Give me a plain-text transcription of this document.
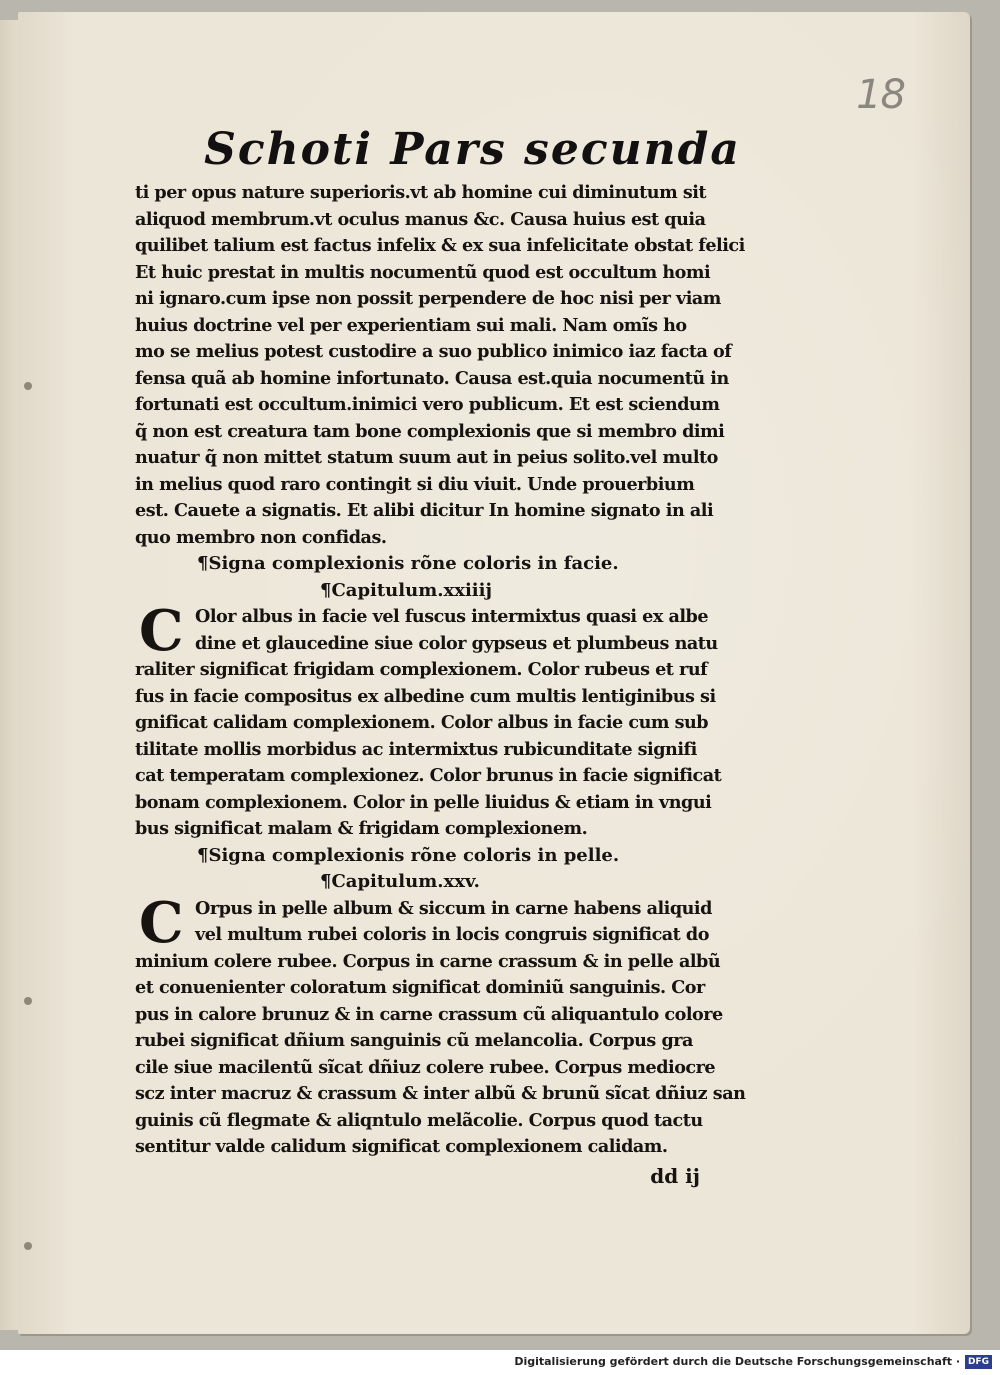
18
Schoti Pars secunda
ti per opus nature superioris.vt ab homine cui diminutum sit
aliquod membrum.vt oculus manus &c. Causa huius est quia
quilibet talium est factus infelix & ex sua infelicitate obstat felici
Et huic prestat in multis nocumentũ quod est occultum homi
ni ignaro.cum ipse non possit perpendere de hoc nisi per viam
huius doctrine vel per experientiam sui mali. Nam omĩs ho
mo se melius potest custodire a suo publico inimico iaz facta of
fensa quã ab homine infortunato. Causa est.quia nocumentũ in
fortunati est occultum.inimici vero publicum. Et est sciendum
q̃ non est creatura tam bone complexionis que si membro dimi
nuatur q̃ non mittet statum suum aut in peius solito.vel multo
in melius quod raro contingit si diu viuit. Unde prouerbium
est. Cauete a signatis. Et alibi dicitur In homine signato in ali
quo membro non confidas.
¶Signa complexionis rõne coloris in facie.
¶Capitulum.xxiiij
C Olor albus in facie vel fuscus intermixtus quasi ex albe
dine et glaucedine siue color gypseus et plumbeus natu
raliter significat frigidam complexionem. Color rubeus et ruf
fus in facie compositus ex albedine cum multis lentiginibus si
gnificat calidam complexionem. Color albus in facie cum sub
tilitate mollis morbidus ac intermixtus rubicunditate signifi
cat temperatam complexionez. Color brunus in facie significat
bonam complexionem. Color in pelle liuidus & etiam in vngui
bus significat malam & frigidam complexionem.
¶Signa complexionis rõne coloris in pelle.
¶Capitulum.xxv.
C Orpus in pelle album & siccum in carne habens aliquid
vel multum rubei coloris in locis congruis significat do
minium colere rubee. Corpus in carne crassum & in pelle albũ
et conuenienter coloratum significat dominiũ sanguinis. Cor
pus in calore brunuz & in carne crassum cũ aliquantulo colore
rubei significat dñium sanguinis cũ melancolia. Corpus gra
cile siue macilentũ sĩcat dñiuz colere rubee. Corpus mediocre
scz inter macruz & crassum & inter albũ & brunũ sĩcat dñiuz san
guinis cũ flegmate & aliqntulo melãcolie. Corpus quod tactu
sentitur valde calidum significat complexionem calidam.
dd ij
Digitalisierung gefördert durch die Deutsche Forschungsgemeinschaft · DFG
